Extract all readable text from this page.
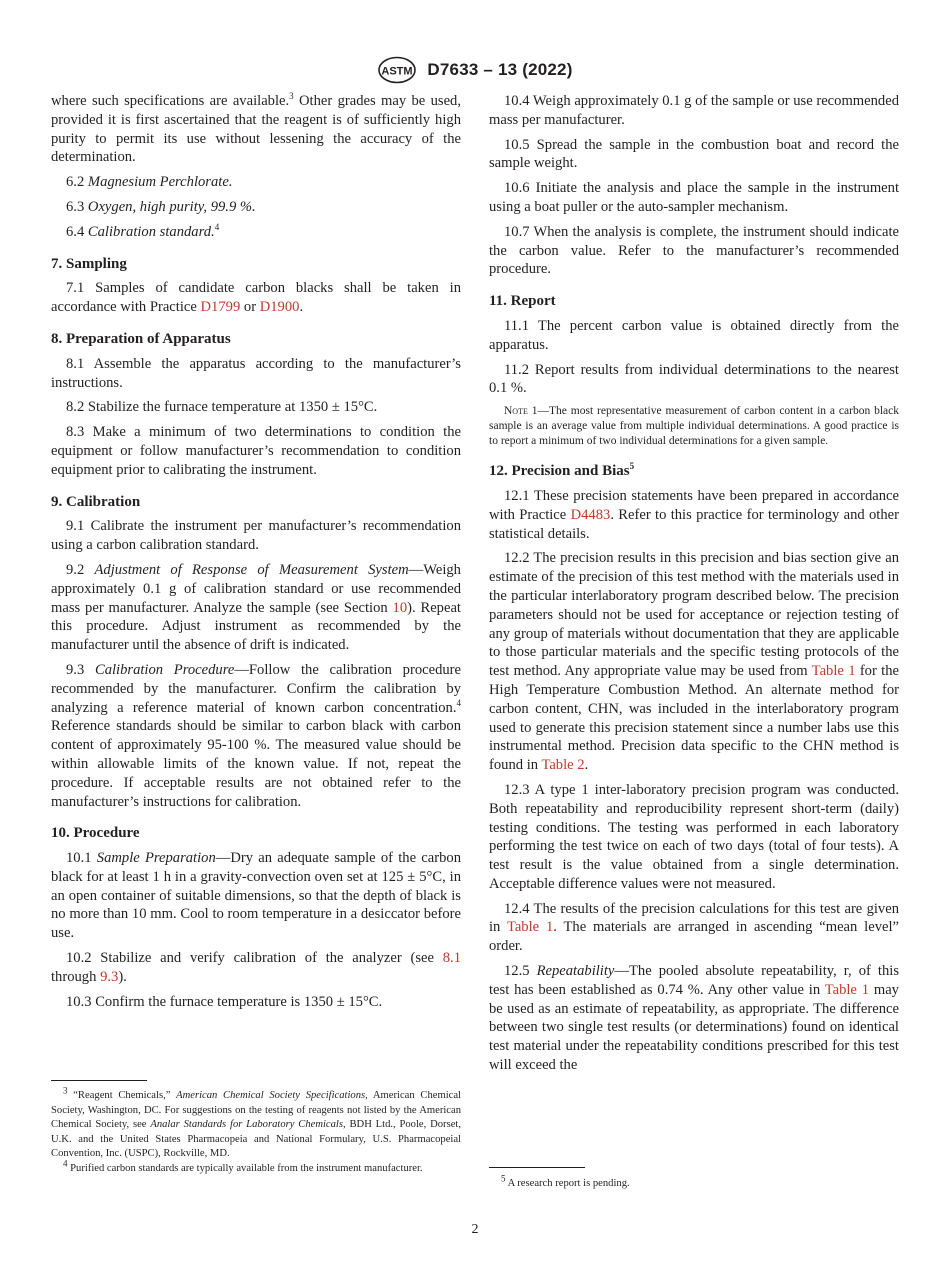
ASTM D7633 – 13 (2022)

where such specifications are available.$^3$ Other grades may be used, provided it is first ascertained that the reagent is of sufficiently high purity to permit its use without lessening the accuracy of the determination.

6.2 Magnesium Perchlorate.

6.3 Oxygen, high purity, 99.9 %.

6.4 Calibration standard.$^4$

7. Sampling

7.1 Samples of candidate carbon blacks shall be taken in accordance with Practice D1799 or D1900.

8. Preparation of Apparatus

8.1 Assemble the apparatus according to the manufacturer’s instructions.

8.2 Stabilize the furnace temperature at 1350 ± 15°C.

8.3 Make a minimum of two determinations to condition the equipment or follow manufacturer’s recommendation to condition equipment prior to calibrating the instrument.

9. Calibration

9.1 Calibrate the instrument per manufacturer’s recommendation using a carbon calibration standard.

9.2 Adjustment of Response of Measurement System—Weigh approximately 0.1 g of calibration standard or use recommended mass per manufacturer. Analyze the sample (see Section 10). Repeat this procedure. Adjust instrument as recommended by the manufacturer until the absence of drift is indicated.

9.3 Calibration Procedure—Follow the calibration procedure recommended by the manufacturer. Confirm the calibration by analyzing a reference material of known carbon concentration.$^4$ Reference standards should be similar to carbon black with carbon content of approximately 95-100 %. The measured value should be within allowable limits of the known value. If not, repeat the procedure. If acceptable results are not obtained refer to the manufacturer’s instructions for calibration.

10. Procedure

10.1 Sample Preparation—Dry an adequate sample of the carbon black for at least 1 h in a gravity-convection oven set at 125 ± 5°C, in an open container of suitable dimensions, so that the depth of black is no more than 10 mm. Cool to room temperature in a desiccator before use.

10.2 Stabilize and verify calibration of the analyzer (see 8.1 through 9.3).

10.3 Confirm the furnace temperature is 1350 ± 15°C.

10.4 Weigh approximately 0.1 g of the sample or use recommended mass per manufacturer.

10.5 Spread the sample in the combustion boat and record the sample weight.

10.6 Initiate the analysis and place the sample in the instrument using a boat puller or the auto-sampler mechanism.

10.7 When the analysis is complete, the instrument should indicate the carbon value. Refer to the manufacturer’s recommended procedure.

11. Report

11.1 The percent carbon value is obtained directly from the apparatus.

11.2 Report results from individual determinations to the nearest 0.1 %.

Note 1—The most representative measurement of carbon content in a carbon black sample is an average value from multiple individual determinations. A good practice is to report a minimum of two individual determinations for a given sample.
12. Precision and Bias$^5$

12.1 These precision statements have been prepared in accordance with Practice D4483. Refer to this practice for terminology and other statistical details.

12.2 The precision results in this precision and bias section give an estimate of the precision of this test method with the materials used in the particular interlaboratory program described below. The precision parameters should not be used for acceptance or rejection testing of any group of materials without documentation that they are applicable to those particular materials and the specific testing protocols of the test method. Any appropriate value may be used from Table 1 for the High Temperature Combustion Method. An alternate method for carbon content, CHN, was included in the interlaboratory program used to generate this precision statement since a number labs use this instrumental method. Precision data specific to the CHN method is found in Table 2.

12.3 A type 1 inter-laboratory precision program was conducted. Both repeatability and reproducibility represent short-term (daily) testing conditions. The testing was performed in each laboratory performing the test twice on each of two days (total of four tests). A test result is the value obtained from a single determination. Acceptable difference values were not measured.

12.4 The results of the precision calculations for this test are given in Table 1. The materials are arranged in ascending “mean level” order.

12.5 Repeatability—The pooled absolute repeatability, r, of this test has been established as 0.74 %. Any other value in Table 1 may be used as an estimate of repeatability, as appropriate. The difference between two single test results (or determinations) found on identical test material under the repeatability conditions prescribed for this test will exceed the

$^3$ “Reagent Chemicals,” American Chemical Society Specifications, American Chemical Society, Washington, DC. For suggestions on the testing of reagents not listed by the American Chemical Society, see Analar Standards for Laboratory Chemicals, BDH Ltd., Poole, Dorset, U.K. and the United States Pharmacopeia and National Formulary, U.S. Pharmacopeial Convention, Inc. (USPC), Rockville, MD.

$^4$ Purified carbon standards are typically available from the instrument manufacturer.

$^5$ A research report is pending.

2
